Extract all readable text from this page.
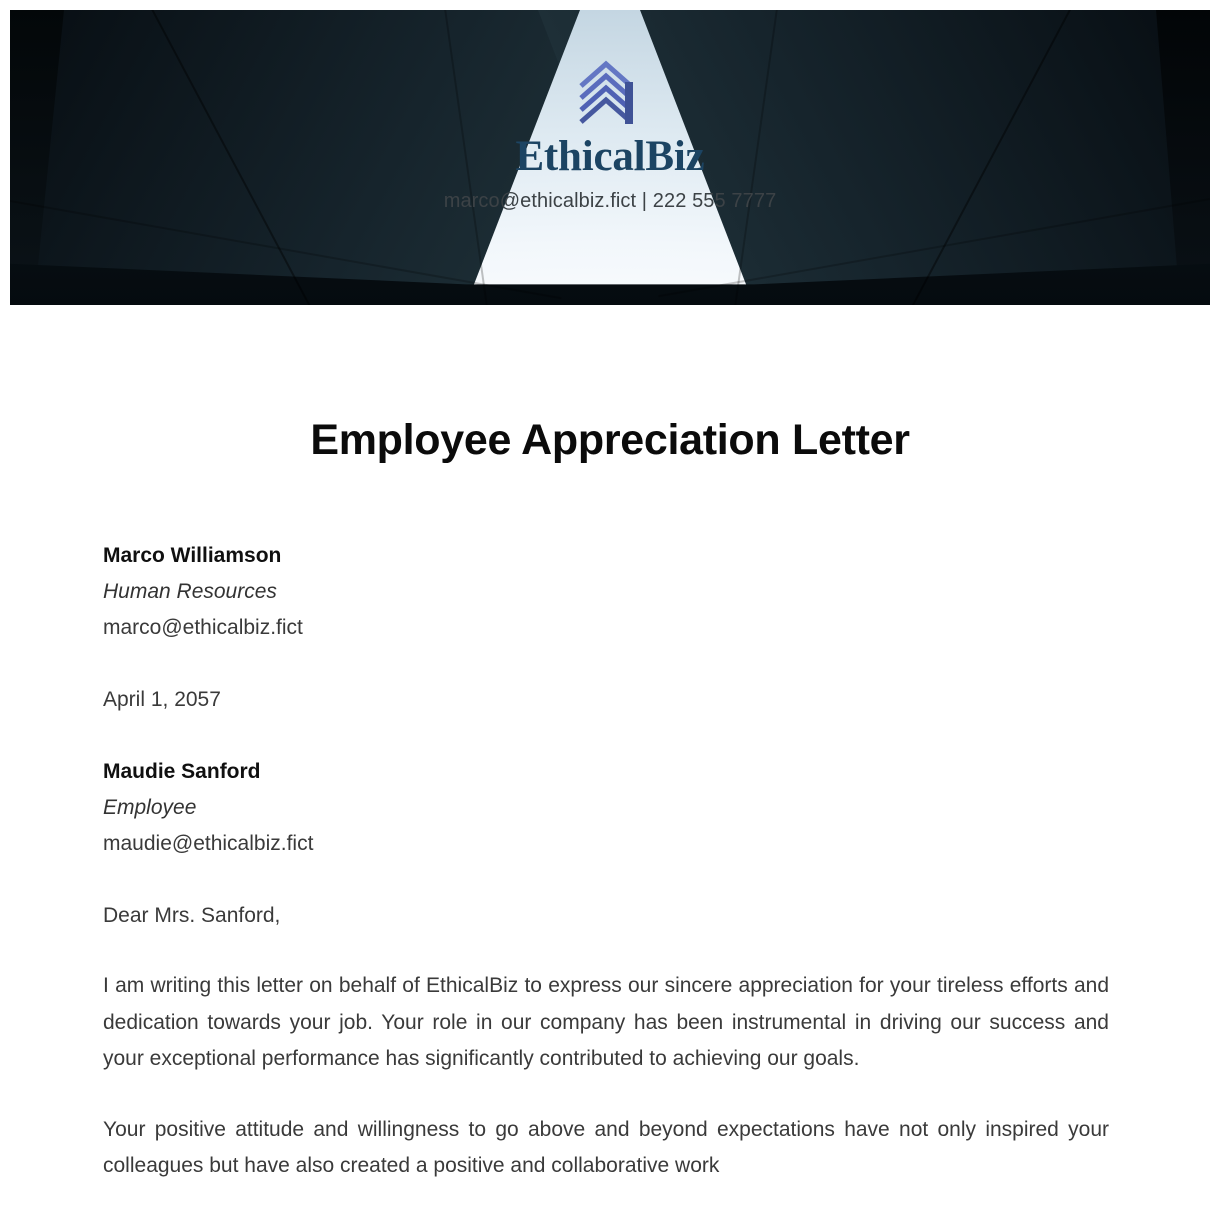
EthicalBiz
marco@ethicalbiz.fict | 222 555 7777
Employee Appreciation Letter
Marco Williamson
Human Resources
marco@ethicalbiz.fict
April 1, 2057
Maudie Sanford
Employee
maudie@ethicalbiz.fict
Dear Mrs. Sanford,

I am writing this letter on behalf of EthicalBiz to express our sincere appreciation for your tireless efforts and dedication towards your job. Your role in our company has been instrumental in driving our success and your exceptional performance has significantly contributed to achieving our goals.

Your positive attitude and willingness to go above and beyond expectations have not only inspired your colleagues but have also created a positive and collaborative work
